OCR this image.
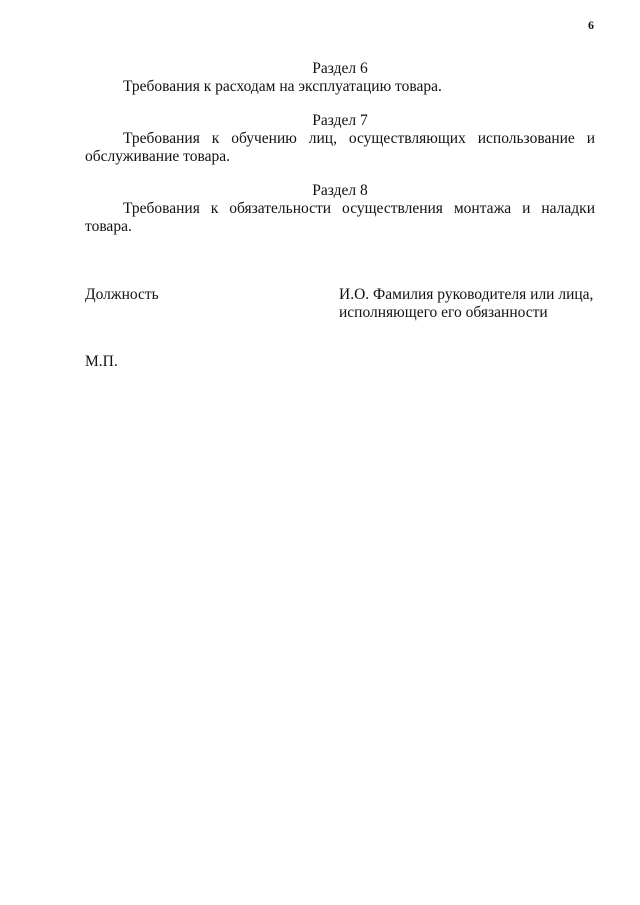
6
Раздел 6
Требования к расходам на эксплуатацию товара.
Раздел 7
Требования к обучению лиц, осуществляющих использование и обслуживание товара.
Раздел 8
Требования к обязательности осуществления монтажа и наладки товара.
Должность	И.О. Фамилия руководителя или лица,
исполняющего его обязанности
М.П.
